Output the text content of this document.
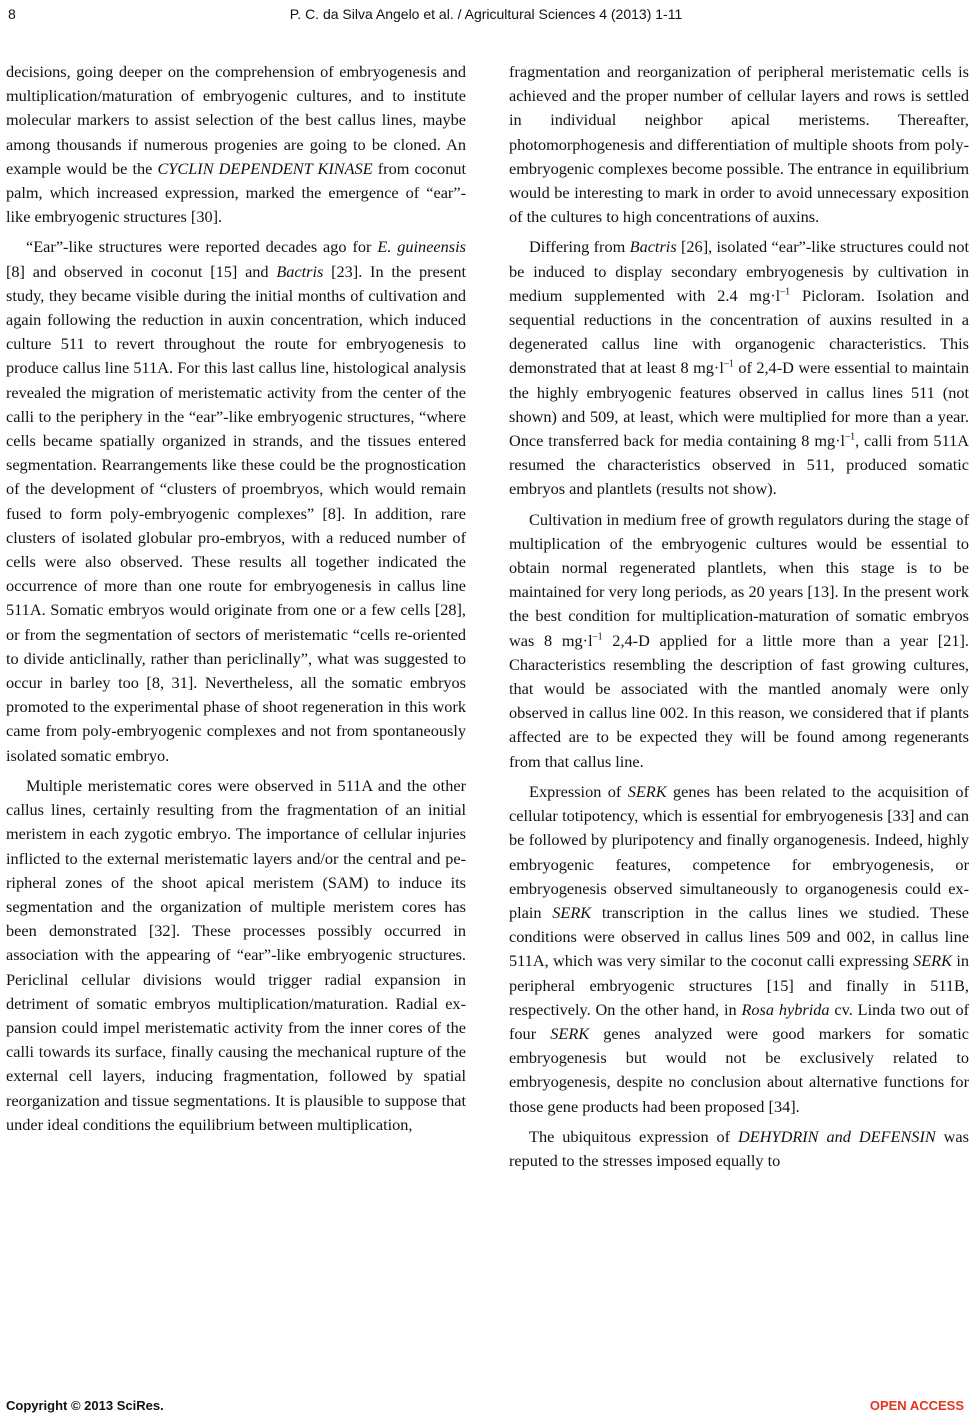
8	P. C. da Silva Angelo et al. / Agricultural Sciences 4 (2013) 1-11

decisions, going deeper on the comprehension of embryogenesis and multiplication/maturation of embryogenic cultures, and to institute molecular markers to assist selection of the best callus lines, maybe among thousands if numerous progenies are going to be cloned. An example would be the CYCLIN DEPENDENT KINASE from coconut palm, which increased expression, marked the emergence of “ear”-like embryogenic structures [30].

“Ear”-like structures were reported decades ago for E. guineensis [8] and observed in coconut [15] and Bactris [23]. In the present study, they became visible during the initial months of cultivation and again following the reduction in auxin concentration, which induced culture 511 to revert throughout the route for embryogenesis to produce callus line 511A. For this last callus line, histological analysis revealed the migration of meristematic activity from the center of the calli to the periphery in the “ear”-like embryogenic structures, “where cells became spatially organized in strands, and the tissues entered segmentation. Rearrangements like these could be the prognostication of the development of “clusters of proembryos, which would remain fused to form poly-embryogenic complexes” [8]. In addition, rare clusters of isolated globular pro-embryos, with a reduced number of cells were also observed. These results all together indicated the occurrence of more than one route for embryogenesis in callus line 511A. Somatic embryos would originate from one or a few cells [28], or from the segmentation of sectors of meristematic “cells re-oriented to divide anticlinally, rather than periclinally”, what was suggested to occur in barley too [8, 31]. Nevertheless, all the somatic embryos promoted to the experimental phase of shoot regeneration in this work came from poly-embryogenic complexes and not from spontaneously isolated somatic embryo.

Multiple meristematic cores were observed in 511A and the other callus lines, certainly resulting from the fragmentation of an initial meristem in each zygotic embryo. The importance of cellular injuries inflicted to the external meristematic layers and/or the central and peripheral zones of the shoot apical meristem (SAM) to induce its segmentation and the organization of multiple meristem cores has been demonstrated [32]. These processes possibly occurred in association with the appearing of “ear”-like embryogenic structures. Periclinal cellular divisions would trigger radial expansion in detriment of somatic embryos multiplication/maturation. Radial expansion could impel meristematic activity from the inner cores of the calli towards its surface, finally causing the mechanical rupture of the external cell layers, inducing fragmentation, followed by spatial reorganization and tissue segmentations. It is plausible to suppose that under ideal conditions the equilibrium between multiplication,

fragmentation and reorganization of peripheral meristematic cells is achieved and the proper number of cellular layers and rows is settled in individual neighbor apical meristems. Thereafter, photomorphogenesis and differentiation of multiple shoots from poly-embryogenic complexes become possible. The entrance in equilibrium would be interesting to mark in order to avoid unnecessary exposition of the cultures to high concentrations of auxins.

Differing from Bactris [26], isolated “ear”-like structures could not be induced to display secondary embryogenesis by cultivation in medium supplemented with 2.4 $mg\cdot l^{-1}$ Picloram. Isolation and sequential reductions in the concentration of auxins resulted in a degenerated callus line with organogenic characteristics. This demonstrated that at least 8 $mg\cdot l^{-1}$ of 2,4-D were essential to maintain the highly embryogenic features observed in callus lines 511 (not shown) and 509, at least, which were multiplied for more than a year. Once transferred back for media containing 8 $mg\cdot l^{-1}$, calli from 511A resumed the characteristics observed in 511, produced somatic embryos and plantlets (results not show).

Cultivation in medium free of growth regulators during the stage of multiplication of the embryogenic cultures would be essential to obtain normal regenerated plantlets, when this stage is to be maintained for very long periods, as 20 years [13]. In the present work the best condition for multiplication-maturation of somatic embryos was 8 $mg\cdot l^{-1}$ 2,4-D applied for a little more than a year [21]. Characteristics resembling the description of fast growing cultures, that would be associated with the mantled anomaly were only observed in callus line 002. In this reason, we considered that if plants affected are to be expected they will be found among regenerants from that callus line.

Expression of SERK genes has been related to the acquisition of cellular totipotency, which is essential for embryogenesis [33] and can be followed by pluripotency and finally organogenesis. Indeed, highly embryogenic features, competence for embryogenesis, or embryogenesis observed simultaneously to organogenesis could explain SERK transcription in the callus lines we studied. These conditions were observed in callus lines 509 and 002, in callus line 511A, which was very similar to the coconut calli expressing SERK in peripheral embryogenic structures [15] and finally in 511B, respectively. On the other hand, in Rosa hybrida cv. Linda two out of four SERK genes analyzed were good markers for somatic embryogenesis but would not be exclusively related to embryogenesis, despite no conclusion about alternative functions for those gene products had been proposed [34].

The ubiquitous expression of DEHYDRIN and DEFENSIN was reputed to the stresses imposed equally to

Copyright © 2013 SciRes.	OPEN ACCESS
